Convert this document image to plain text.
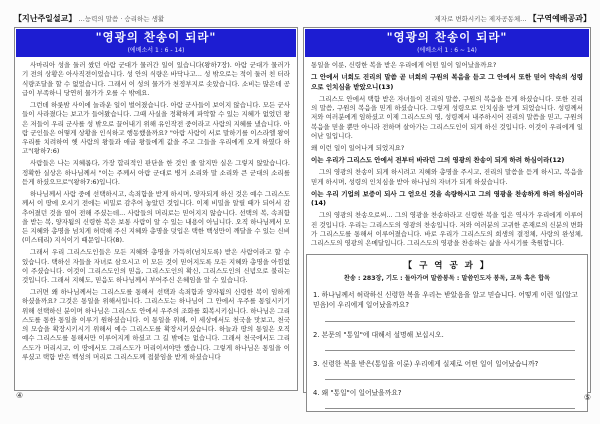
【지난주일설교】 ...능력의 말씀 · 승리하는 생활
"영광의 찬송이 되라"
(에베소서 1 : 6 - 14)

사마리아 성을 둘러 쌌던 아람 군대가 물러간 일이 있습니다(왕하7장). 아람 군대가 물러가기 전의 상황은 아사직전이었습니다. 성 안의 식량은 바닥나고... 성 밖으로는 적이 둘러 친 터라 식량조달을 할 수 없었습니다. 그래서 이 성의 물가가 천정부지로 솟았습니다. 소비는 많은데 공급이 부족하니 당연히 물가가 오를 수 밖에요.

그런데 하룻밤 사이에 놀라운 일이 벌어졌습니다. 아람 군사들이 보이지 않습니다. 모든 군사들이 사라졌다는 보고가 들어왔습니다. 그때 사실을 정확하게 파악할 수 있는 지혜가 없었던 왕은 저들이 우리 군사를 성 밖으로 끌어내기 위해 유인작전 중이라고 사람의 지혜를 냈습니다. 아람 군인들은 어떻게 상황을 인식하고 행동했을까요? "아람 사람이 서로 말하기를 이스라엘 왕이 우리를 치려하여 헷 사람의 왕들과 애굽 왕들에게 값을 주고 그들을 우리에게 오게 하였다 하고"(왕하7:6)

사람들은 나는 지혜롭다, 가장 합리적인 판단을 한 것인 줄 알지만 실은 그렇지 않았습니다. 정확한 실상은 하나님께서 "이는 주께서 아람 군대로 병거 소리와 말 소리와 큰 군대의 소리를 듣게 하셨으므로"(왕하7:6)입니다.

하나님께서 사람 중에 선택하시고, 속죄함을 받게 하시며, 양자되게 하신 것은 예수 그리스도께서 이 땅에 오시기 전에는 비밀로 감추어 놓았던 것입니다. 이제 비밀을 알릴 때가 되어서 감추어졌던 것을 열어 전해 주셨는데... 사람들의 머리로는 믿어지지 않습니다. 선택의 복, 속죄함을 받는 복, 양자됨의 신령한 복은 보통 사람이 알 수 있는 내용이 아닙니다. 오직 하나님께서 모든 지혜와 총명을 넘치게 허락해 주신 지혜와 총명을 덧입은 택한 백성만이 깨달을 수 있는 신비(미스테리) 지식이기 때문입니다(8).

그래서 우리 그리스도인들은 모든 지혜와 총명을 가득히(넘치도록) 받은 사람이라고 할 수 있습니다. 택하신 자들을 자녀로 삼으시고 이 모든 것이 믿어지도록 모든 지혜와 총명을 아낌없이 주셨습니다. 이것이 그리스도인의 믿음, 그리스도인의 확신, 그리스도인의 신념으로 불리는 것입니다. 그래서 지혜도, 믿음도 하나님께서 부어주신 은혜임을 알 수 있습니다.

그러면 왜 하나님께서는 그리스도를 통해서 선택과 속죄함과 양자됨의 신령한 복이 임하게 하셨을까요? 그것은 통일을 위해서입니다. 그리스도는 하나님이 그 안에서 우주를 통일시키기 위해 선택하신 분이며 하나님은 그리스도 안에서 우주의 조화를 회복시키십니다. 하나님은 그리스도를 통한 통일을 이루기 원하셨습니다. 이 통일을 위해, 이 세상에서도 천국을 맛보고, 천국의 모습을 확장시키시기 위해서 예수 그리스도를 확장시키셨습니다. 하늘과 땅의 통일은 오직 예수 그리스도를 통해서만 이루어지게 하셨고 그 길 밖에는 없습니다. 그래서 천국에서도 그리스도가 머리시고, 이 땅에서도 그리스도가 머리이셔야만 했습니다. 그렇게 하나님은 통일을 이루셨고 택함 받은 백성의 머리로 그리스도께 접붙임을 받게 하셨습니다

④
제자로 변화시키는 제자공동체... 【구역예배공과】
"영광의 찬송이 되라"
(에베소서 1 : 6 ~ 14)

통일을 이룬, 신령한 복을 받은 우리에게 어떤 일이 일어났을까요?

그 안에서 너희도 진리의 말씀 곧 너희의 구원의 복음을 듣고 그 안에서 또한 믿어 약속의 성령으로 인치심을 받았으니(13)

그리스도 안에서 택함 받은 자녀들이 진리의 말씀, 구원의 복음을 듣게 하셨습니다. 또한 진리의 말씀, 구원의 복음을 믿게 하셨습니다. 그렇게 성령으로 인치심을 받게 되었습니다. 성령께서 저와 여러분에게 임하셨고 이제 그리스도의 영, 성령께서 내주하시어 진리의 말씀을 믿고, 구원의 복음을 믿을 뿐만 아니라 전하며 살아가는 그리스도인이 되게 하신 것입니다. 이것이 우리에게 일어난 일입니다.

왜 이런 일이 일어나게 되었지요?

이는 우리가 그리스도 안에서 전부터 바라던 그의 영광의 찬송이 되게 하려 하심이라(12)

그의 영광의 찬송이 되게 하시려고 지혜와 총명을 주시고, 진리의 말씀을 듣게 하시고, 복음을 믿게 하시며, 성령의 인치심을 받아 하나님의 자녀가 되게 하셨습니다.

이는 우리 기업의 보증이 되사 그 얻으신 것을 속량하시고 그의 영광을 찬송하게 하려 하심이라(14)

그의 영광의 찬송으로써... 그의 영광을 찬송하라고 신령한 복을 입은 역사가 우리에게 이루어진 것입니다. 우리는 그리스도의 영광의 찬송입니다. 저와 여러분의 고귀한 존재로의 신분의 변화가 그리스도를 통해서 이루어졌습니다. 바로 우리가 그리스도의 희생의 결정체, 사랑의 완성체, 그리스도의 영광의 은메달입니다. 그리스도의 영광을 찬송하는 삶을 사시기를 축원합니다.

【 구 역 공 과 】
찬송 : 283장, 기도 : 돌아가며 말씀봉독 : 말씀인도자 봉독, 교독 혹은 합독

1. 하나님께서 허락하신 신령한 복을 우리는 받았음을 알고 믿습니다. 어떻게 이런 일(알고 믿음)이 우리에게 일어났을까요?

2. 본문의 "통일"에 대해서 설명해 보십시오.

3. 신령한 복을 받은(통일을 이룬) 우리에게 실제로 어떤 일이 일어났습니까?

4. 왜 "통일"이 일어났을까요?

⑤
